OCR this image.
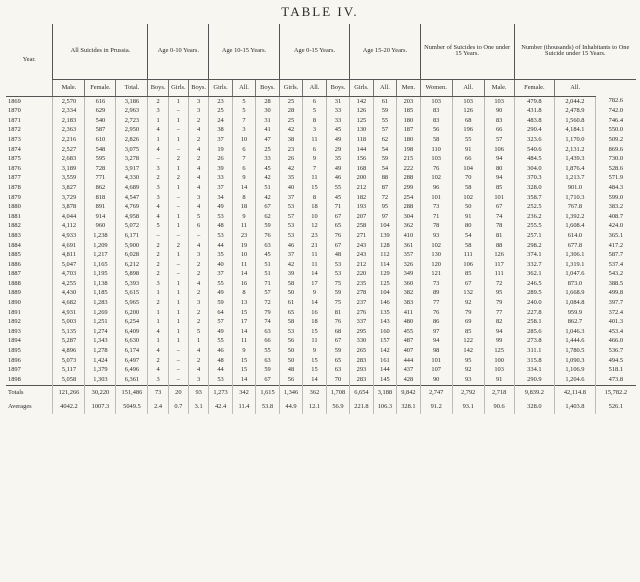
TABLE IV.
Year.	All Suicides in Prussia.			Age 0-10 Years.			Age 10-15 Years.			Age 0-15 Years.			Age 15-20 Years.			Number of Suicides to One under 15 Years.			Number (thousands) of Inhabitants to One Suicide under 15 Years.		
	Male.	Female.	Total.	Boys.	Girls.	Boys.	Girls.	All.	Boys.	Girls.	All.	Boys.	Girls.	All.	Men.	Women.	All.	Male.	Female.	All.	
1869	2,570	616	3,186	2	1	3	23	5	28	25	6	31	142	61	203	103	103	103	479.8	2,044.2	782.6
1870	2,334	629	2,963	3	–	3	25	5	30	28	5	33	126	59	185	83	126	90	431.8	2,478.9	742.0
1871	2,183	540	2,723	1	1	2	24	7	31	25	8	33	125	55	180	83	68	83	483.8	1,560.8	746.4
1872	2,363	587	2,950	4	–	4	38	3	41	42	3	45	130	57	187	56	196	66	290.4	4,184.1	550.0
1873	2,216	610	2,826	1	1	2	37	10	47	38	11	49	118	62	180	58	55	57	323.6	1,170.0	509.2
1874	2,527	548	3,075	4	–	4	19	6	25	23	6	29	144	54	198	110	91	106	540.6	2,131.2	869.6
1875	2,683	595	3,278	–	2	2	26	7	33	26	9	35	156	59	215	103	66	94	484.5	1,439.3	730.0
1876	3,189	728	3,917	3	1	4	39	6	45	42	7	49	168	54	222	76	104	80	304.0	1,876.4	528.6
1877	3,559	771	4,330	2	2	4	33	9	42	35	11	46	200	88	288	102	70	94	370.3	1,213.7	571.9
1878	3,827	862	4,689	3	1	4	37	14	51	40	15	55	212	87	299	96	58	85	328.0	901.0	484.3
1879	3,729	818	4,547	3	–	3	34	8	42	37	8	45	182	72	254	101	102	101	358.7	1,710.3	599.0
1880	3,878	891	4,769	4	–	4	49	18	67	53	18	71	193	95	288	73	50	67	252.5	767.8	383.2
1881	4,044	914	4,958	4	1	5	53	9	62	57	10	67	207	97	304	71	91	74	236.2	1,392.2	408.7
1882	4,112	960	5,072	5	1	6	48	11	59	53	12	65	258	104	362	78	80	78	255.5	1,608.4	424.0
1883	4,933	1,238	6,171	–	–	–	53	23	76	53	23	76	271	139	410	93	54	81	257.1	614.0	365.1
1884	4,691	1,209	5,900	2	2	4	44	19	63	46	21	67	243	128	361	102	58	88	298.2	677.8	417.2
1885	4,811	1,217	6,028	2	1	3	35	10	45	37	11	48	243	112	357	130	111	126	374.1	1,306.1	587.7
1886	5,047	1,165	6,212	2	–	2	40	11	51	42	11	53	212	114	326	120	106	117	332.7	1,319.1	537.4
1887	4,703	1,195	5,898	2	–	2	37	14	51	39	14	53	220	129	349	121	85	111	362.1	1,047.6	543.2
1888	4,255	1,138	5,393	3	1	4	55	16	71	58	17	75	235	125	360	73	67	72	246.5	873.0	388.5
1889	4,430	1,185	5,615	1	1	2	49	8	57	50	9	59	278	104	382	89	132	95	289.5	1,668.9	499.8
1890	4,682	1,283	5,965	2	1	3	59	13	72	61	14	75	237	146	383	77	92	79	240.0	1,084.8	397.7
1891	4,931	1,269	6,200	1	1	2	64	15	79	65	16	81	276	135	411	76	79	77	227.8	959.9	372.4
1892	5,003	1,251	6,254	1	1	2	57	17	74	58	18	76	337	143	480	86	69	82	258.1	862.7	401.3
1893	5,135	1,274	6,409	4	1	5	49	14	63	53	15	68	295	160	455	97	85	94	285.6	1,046.3	453.4
1894	5,287	1,343	6,630	1	1	1	55	11	66	56	11	67	330	157	487	94	122	99	273.8	1,444.6	466.0
1895	4,896	1,278	6,174	4	–	4	46	9	55	50	9	59	265	142	407	98	142	125	311.1	1,780.5	536.7
1896	5,073	1,424	6,497	2	–	2	48	15	63	50	15	65	283	161	444	101	95	100	315.8	1,090.3	494.5
1897	5,117	1,379	6,496	4	–	4	44	15	59	48	15	63	293	144	437	107	92	103	334.1	1,106.9	518.1
1898	5,058	1,303	6,361	3	–	3	53	14	67	56	14	70	283	145	428	90	93	91	290.9	1,204.6	473.8
Totals	121,266	30,220	151,486	73	20	93	1,273	342	1,615	1,346	362	1,708	6,654	3,188	9,842	2,747	2,792	2,718	9,839.2	42,114.8	15,782.2
Averages	4042.2	1007.3	5049.5	2.4	0.7	3.1	42.4	11.4	53.8	44.9	12.1	56.9	221.8	106.3	328.1	91.2	93.1	90.6	328.0	1,403.8	526.1
